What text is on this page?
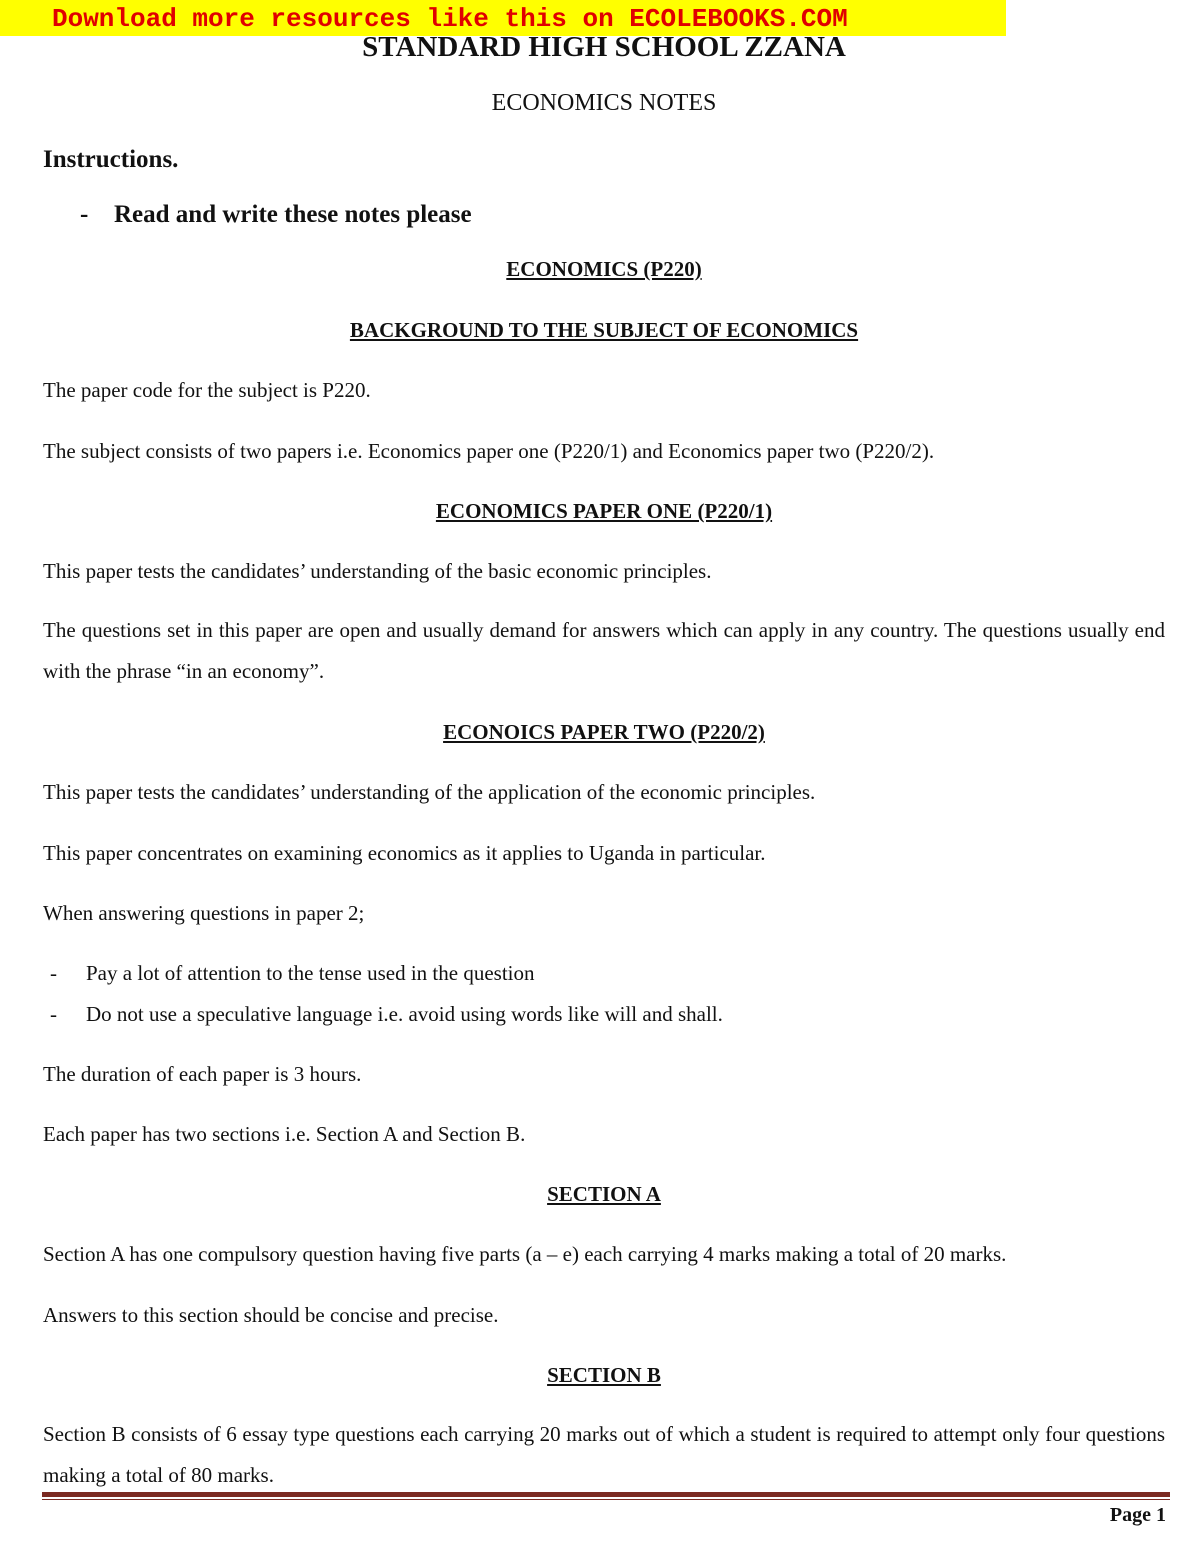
Download more resources like this on ECOLEBOOKS.COM
STANDARD HIGH SCHOOL ZZANA
ECONOMICS NOTES
Instructions.
- Read and write these notes please
ECONOMICS (P220)
BACKGROUND TO THE SUBJECT OF ECONOMICS
The paper code for the subject is P220.
The subject consists of two papers i.e. Economics paper one (P220/1) and Economics paper two (P220/2).
ECONOMICS PAPER ONE (P220/1)
This paper tests the candidates’ understanding of the basic economic principles.
The questions set in this paper are open and usually demand for answers which can apply in any country. The questions usually end with the phrase “in an economy”.
ECONOICS PAPER TWO (P220/2)
This paper tests the candidates’ understanding of the application of the economic principles.
This paper concentrates on examining economics as it applies to Uganda in particular.
When answering questions in paper 2;
- Pay a lot of attention to the tense used in the question
- Do not use a speculative language i.e. avoid using words like will and shall.
The duration of each paper is 3 hours.
Each paper has two sections i.e. Section A and Section B.
SECTION A
Section A has one compulsory question having five parts (a – e) each carrying 4 marks making a total of 20 marks.
Answers to this section should be concise and precise.
SECTION B
Section B consists of 6 essay type questions each carrying 20 marks out of which a student is required to attempt only four questions making a total of 80 marks.
Page 1
